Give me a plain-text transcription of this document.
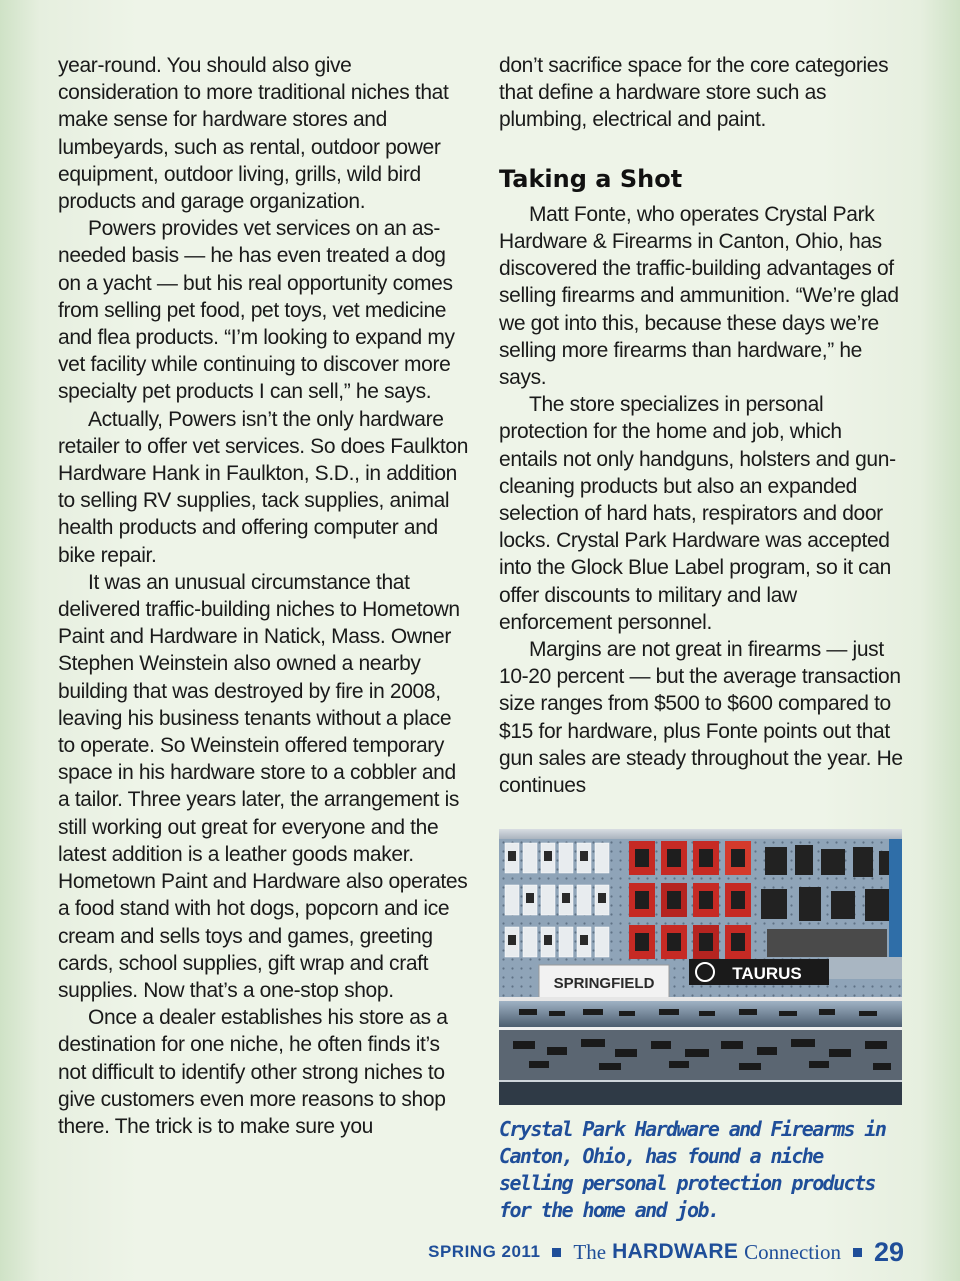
year-round. You should also give consideration to more traditional niches that make sense for hardware stores and lumbeyards, such as rental, outdoor power equipment, outdoor living, grills, wild bird products and garage organization.

Powers provides vet services on an as-needed basis — he has even treated a dog on a yacht — but his real opportunity comes from selling pet food, pet toys, vet medicine and flea products. “I’m looking to expand my vet facility while continuing to discover more specialty pet products I can sell,” he says.

Actually, Powers isn’t the only hardware retailer to offer vet services. So does Faulkton Hardware Hank in Faulkton, S.D., in addition to selling RV supplies, tack supplies, animal health products and offering computer and bike repair.

It was an unusual circumstance that delivered traffic-building niches to Hometown Paint and Hardware in Natick, Mass. Owner Stephen Weinstein also owned a nearby building that was destroyed by fire in 2008, leaving his business tenants without a place to operate. So Weinstein offered temporary space in his hardware store to a cobbler and a tailor. Three years later, the arrangement is still working out great for everyone and the latest addition is a leather goods maker. Hometown Paint and Hardware also operates a food stand with hot dogs, popcorn and ice cream and sells toys and games, greeting cards, school supplies, gift wrap and craft supplies. Now that’s a one-stop shop.

Once a dealer establishes his store as a destination for one niche, he often finds it’s not difficult to identify other strong niches to give customers even more reasons to shop there. The trick is to make sure you

don’t sacrifice space for the core categories that define a hardware store such as plumbing, electrical and paint.

Taking a Shot

Matt Fonte, who operates Crystal Park Hardware & Firearms in Canton, Ohio, has discovered the traffic-building advantages of selling firearms and ammunition. “We’re glad we got into this, because these days we’re selling more firearms than hardware,” he says.

The store specializes in personal protection for the home and job, which entails not only handguns, holsters and gun-cleaning products but also an expanded selection of hard hats, respirators and door locks. Crystal Park Hardware was accepted into the Glock Blue Label program, so it can offer discounts to military and law enforcement personnel.

Margins are not great in firearms — just 10-20 percent — but the average transaction size ranges from $500 to $600 compared to $15 for hardware, plus Fonte points out that gun sales are steady throughout the year. He continues

SPRINGFIELD
TAURUS
Crystal Park Hardware and Firearms in Canton, Ohio, has found a niche selling personal protection products for the home and job.
SPRING 2011 The HARDWARE Connection 29
